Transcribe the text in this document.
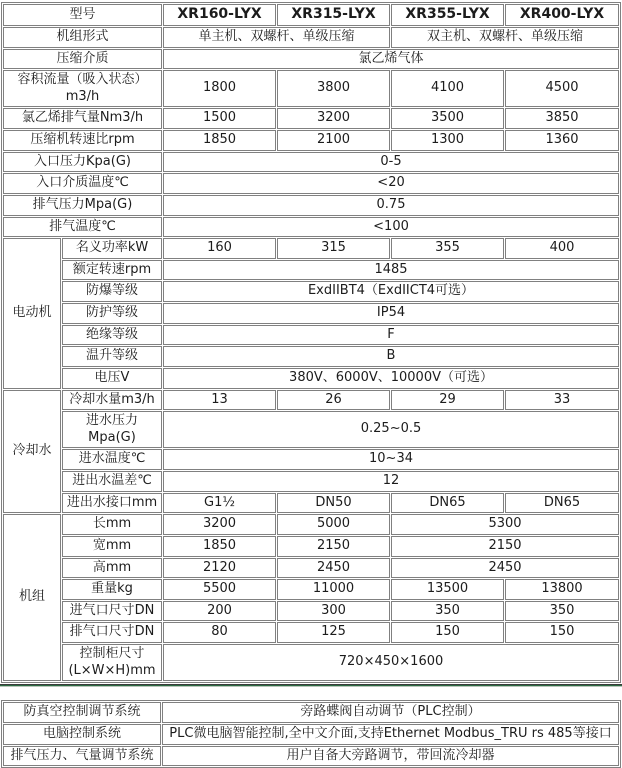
型号		XR160-LYX	XR315-LYX	XR355-LYX	XR400-LYX
机组形式		单主机、双螺杆、单级压缩		双主机、双螺杆、单级压缩	
压缩介质		氯乙烯气体			
容积流量（吸入状态）m3/h		1800	3800	4100	4500
氯乙烯排气量Nm3/h		1500	3200	3500	3850
压缩机转速比rpm		1850	2100	1300	1360
入口压力Kpa(G)		0-5			
入口介质温度℃		<20			
排气压力Mpa(G)		0.75			
排气温度℃		<100			
电动机	名义功率kW	160	315	355	400
	额定转速rpm	1485			
	防爆等级	ExdIIBT4（ExdIICT4可选）			
	防护等级	IP54			
	绝缘等级	F			
	温升等级	B			
	电压V	380V、6000V、10000V（可选）			
冷却水	冷却水量m3/h	13	26	29	33
	进水压力Mpa(G)	0.25~0.5			
	进水温度℃	10~34			
	进出水温差℃	12			
	进出水接口mm	G1½	DN50	DN65	DN65
机组	长mm	3200	5000	5300	
	宽mm	1850	2150	2150	
	高mm	2120	2450	2450	
	重量kg	5500	11000	13500	13800
	进气口尺寸DN	200	300	350	350
	排气口尺寸DN	80	125	150	150
	控制柜尺寸(L×W×H)mm	720×450×1600			
防真空控制调节系统	旁路蝶阀自动调节（PLC控制）
电脑控制系统	PLC微电脑智能控制,全中文介面,支持Ethernet Modbus_TRU rs 485等接口
排气压力、气量调节系统	用户自备大旁路调节，带回流冷却器
